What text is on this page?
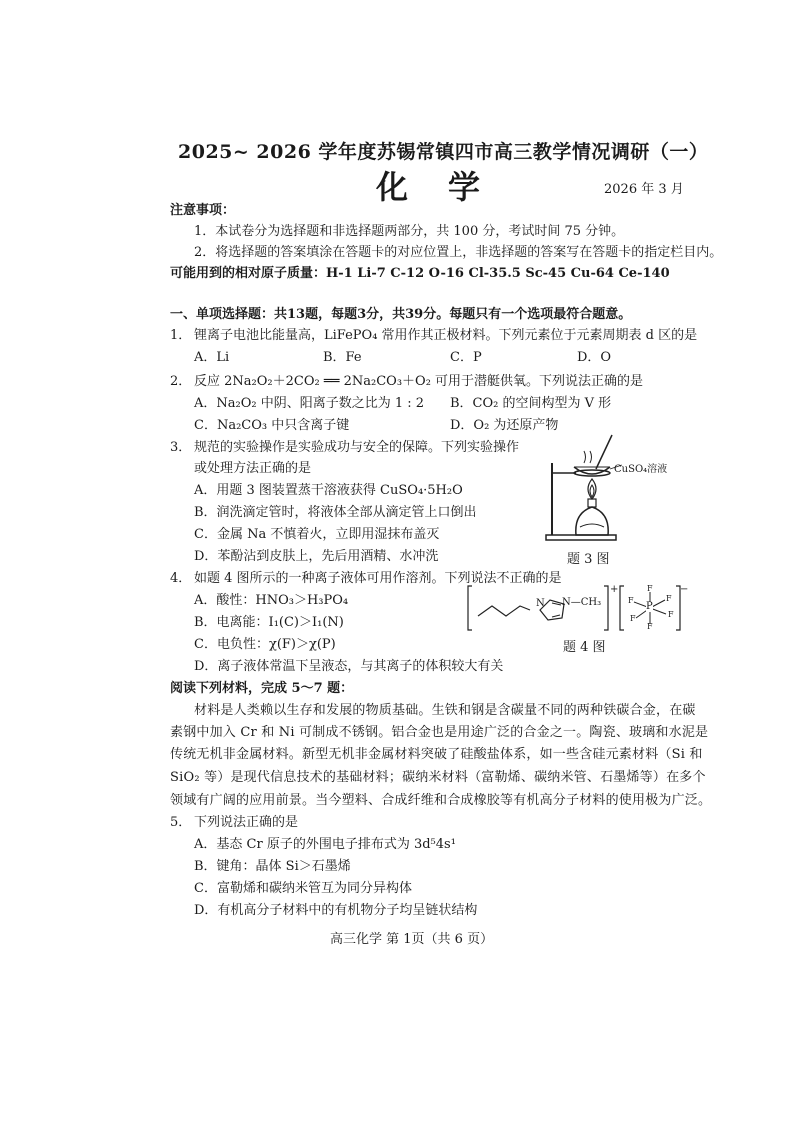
2025~ 2026 学年度苏锡常镇四市高三教学情况调研（一）
化学	2026 年 3 月
注意事项：
1．本试卷分为选择题和非选择题两部分，共 100 分，考试时间 75 分钟。
2．将选择题的答案填涂在答题卡的对应位置上，非选择题的答案写在答题卡的指定栏目内。
可能用到的相对原子质量：H-1 Li-7 C-12 O-16 Cl-35.5 Sc-45 Cu-64 Ce-140
一、单项选择题：共13题，每题3分，共39分。每题只有一个选项最符合题意。
1． 锂离子电池比能量高，LiFePO₄ 常用作其正极材料。下列元素位于元素周期表 d 区的是
A．Li	B．Fe	C．P	D．O
2． 反应 2Na₂O₂＋2CO₂ ══ 2Na₂CO₃＋O₂ 可用于潜艇供氧。下列说法正确的是
A．Na₂O₂ 中阴、阳离子数之比为 1 : 2 B．CO₂ 的空间构型为 V 形
C．Na₂CO₃ 中只含离子键	D．O₂ 为还原产物
3． 规范的实验操作是实验成功与安全的保障。下列实验操作
或处理方法正确的是
A．用题 3 图装置蒸干溶液获得 CuSO₄·5H₂O
B．润洗滴定管时，将液体全部从滴定管上口倒出
C．金属 Na 不慎着火，立即用湿抹布盖灭
D．苯酚沾到皮肤上，先后用酒精、水冲洗
CuSO₄溶液
题 3 图
4． 如题 4 图所示的一种离子液体可用作溶剂。下列说法不正确的是
A．酸性：HNO₃＞H₃PO₄
B．电离能：I₁(C)＞I₁(N)
C．电负性：χ(F)＞χ(P)
D．离子液体常温下呈液态，与其离子的体积较大有关
+	−
N N—CH₃	P
F
F
F
F
F
F
题 4 图
阅读下列材料，完成 5～7 题：
材料是人类赖以生存和发展的物质基础。生铁和钢是含碳量不同的两种铁碳合金，在碳
素钢中加入 Cr 和 Ni 可制成不锈钢。铝合金也是用途广泛的合金之一。陶瓷、玻璃和水泥是
传统无机非金属材料。新型无机非金属材料突破了硅酸盐体系，如一些含硅元素材料（Si 和
SiO₂ 等）是现代信息技术的基础材料；碳纳米材料（富勒烯、碳纳米管、石墨烯等）在多个
领域有广阔的应用前景。当今塑料、合成纤维和合成橡胶等有机高分子材料的使用极为广泛。
5． 下列说法正确的是
A．基态 Cr 原子的外围电子排布式为 3d⁵4s¹
B．键角：晶体 Si＞石墨烯
C．富勒烯和碳纳米管互为同分异构体
D．有机高分子材料中的有机物分子均呈链状结构
高三化学 第 1页（共 6 页）
